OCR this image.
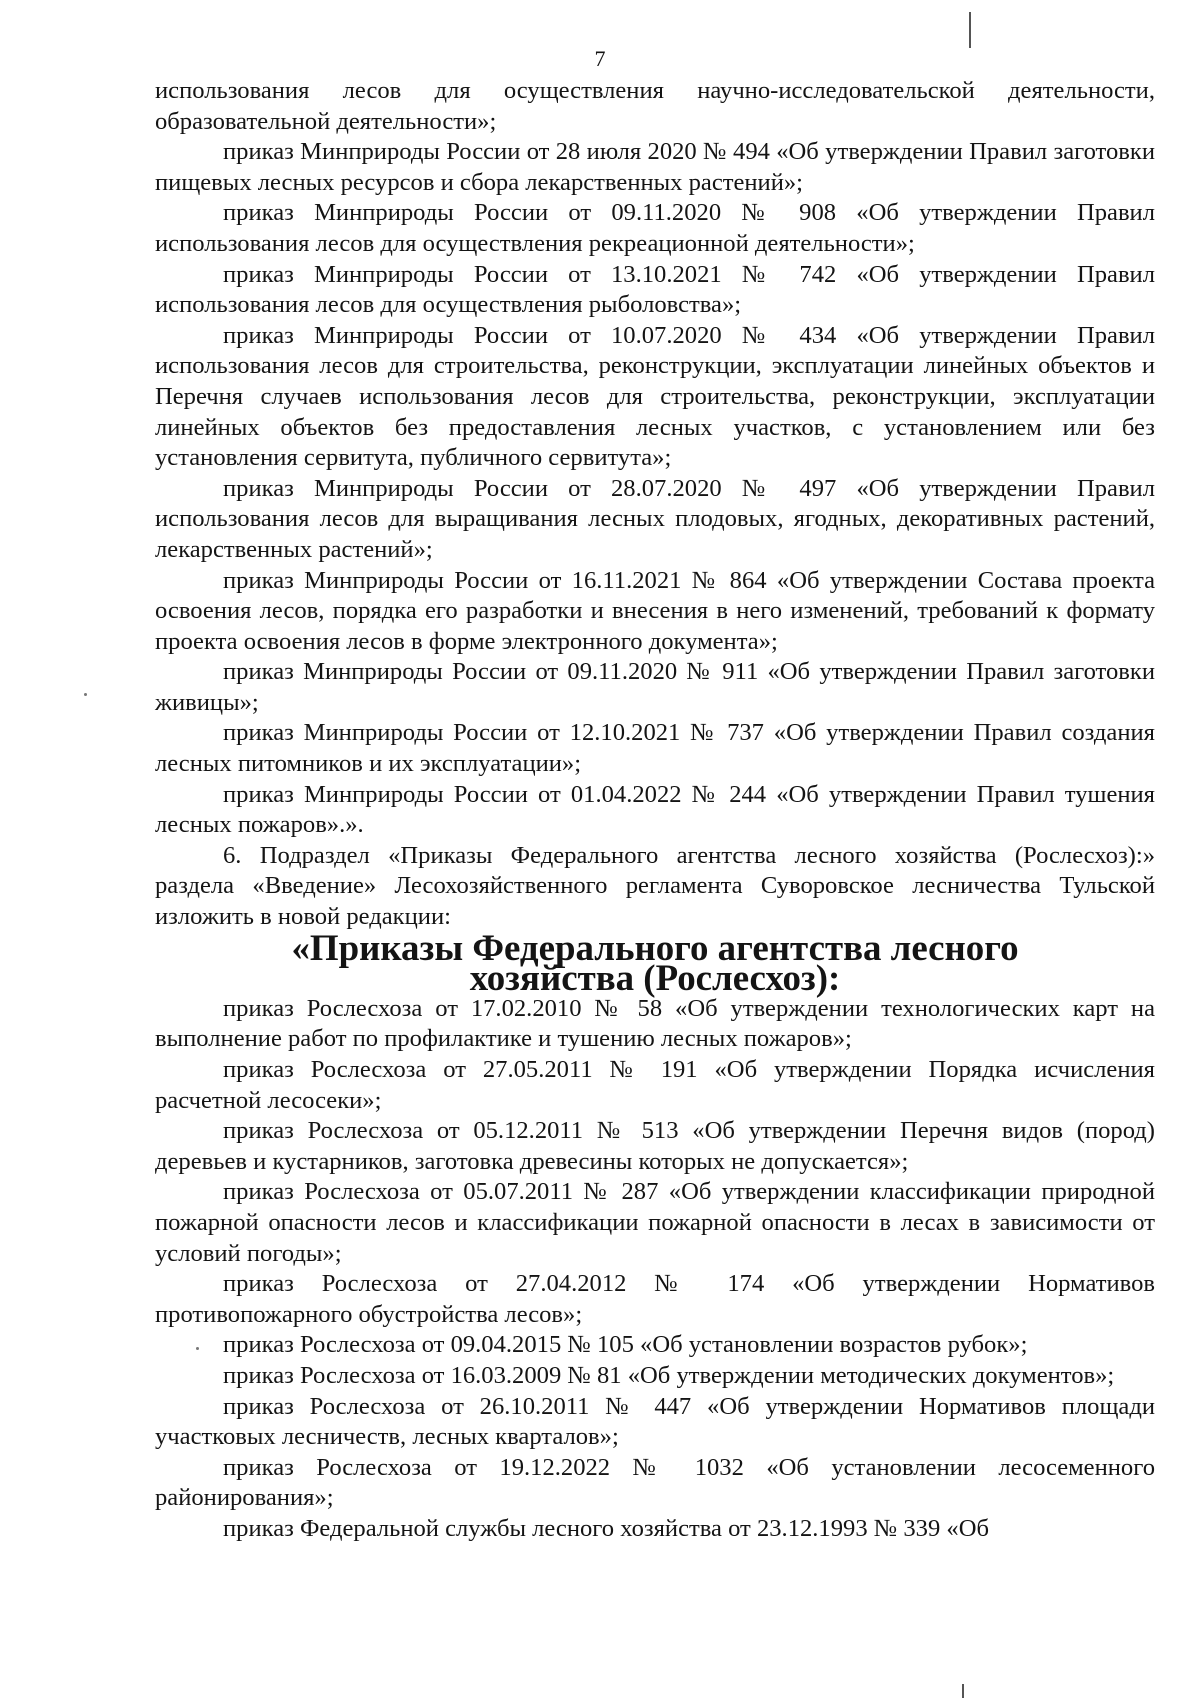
7

использования лесов для осуществления научно-исследовательской деятельности, образовательной деятельности»;

приказ Минприроды России от 28 июля 2020 № 494 «Об утверждении Правил заготовки пищевых лесных ресурсов и сбора лекарственных растений»;

приказ Минприроды России от 09.11.2020 № 908 «Об утверждении Правил использования лесов для осуществления рекреационной деятельности»;

приказ Минприроды России от 13.10.2021 № 742 «Об утверждении Правил использования лесов для осуществления рыболовства»;

приказ Минприроды России от 10.07.2020 № 434 «Об утверждении Правил использования лесов для строительства, реконструкции, эксплуатации линейных объектов и Перечня случаев использования лесов для строительства, реконструкции, эксплуатации линейных объектов без предоставления лесных участков, с установлением или без установления сервитута, публичного сервитута»;

приказ Минприроды России от 28.07.2020 № 497 «Об утверждении Правил использования лесов для выращивания лесных плодовых, ягодных, декоративных растений, лекарственных растений»;

приказ Минприроды России от 16.11.2021 № 864 «Об утверждении Состава проекта освоения лесов, порядка его разработки и внесения в него изменений, требований к формату проекта освоения лесов в форме электронного документа»;

приказ Минприроды России от 09.11.2020 № 911 «Об утверждении Правил заготовки живицы»;

приказ Минприроды России от 12.10.2021 № 737 «Об утверждении Правил создания лесных питомников и их эксплуатации»;

приказ Минприроды России от 01.04.2022 № 244 «Об утверждении Правил тушения лесных пожаров».».

6. Подраздел «Приказы Федерального агентства лесного хозяйства (Рослесхоз):» раздела «Введение» Лесохозяйственного регламента Суворовское лесничества Тульской изложить в новой редакции:

«Приказы Федерального агентства лесного
хозяйства (Рослесхоз):

приказ Рослесхоза от 17.02.2010 № 58 «Об утверждении технологических карт на выполнение работ по профилактике и тушению лесных пожаров»;

приказ Рослесхоза от 27.05.2011 № 191 «Об утверждении Порядка исчисления расчетной лесосеки»;

приказ Рослесхоза от 05.12.2011 № 513 «Об утверждении Перечня видов (пород) деревьев и кустарников, заготовка древесины которых не допускается»;

приказ Рослесхоза от 05.07.2011 № 287 «Об утверждении классификации природной пожарной опасности лесов и классификации пожарной опасности в лесах в зависимости от условий погоды»;

приказ Рослесхоза от 27.04.2012 № 174 «Об утверждении Нормативов противопожарного обустройства лесов»;

приказ Рослесхоза от 09.04.2015 № 105 «Об установлении возрастов рубок»;

приказ Рослесхоза от 16.03.2009 № 81 «Об утверждении методических документов»;

приказ Рослесхоза от 26.10.2011 № 447 «Об утверждении Нормативов площади участковых лесничеств, лесных кварталов»;

приказ Рослесхоза от 19.12.2022 № 1032 «Об установлении лесосеменного районирования»;

приказ Федеральной службы лесного хозяйства от 23.12.1993 № 339 «Об
